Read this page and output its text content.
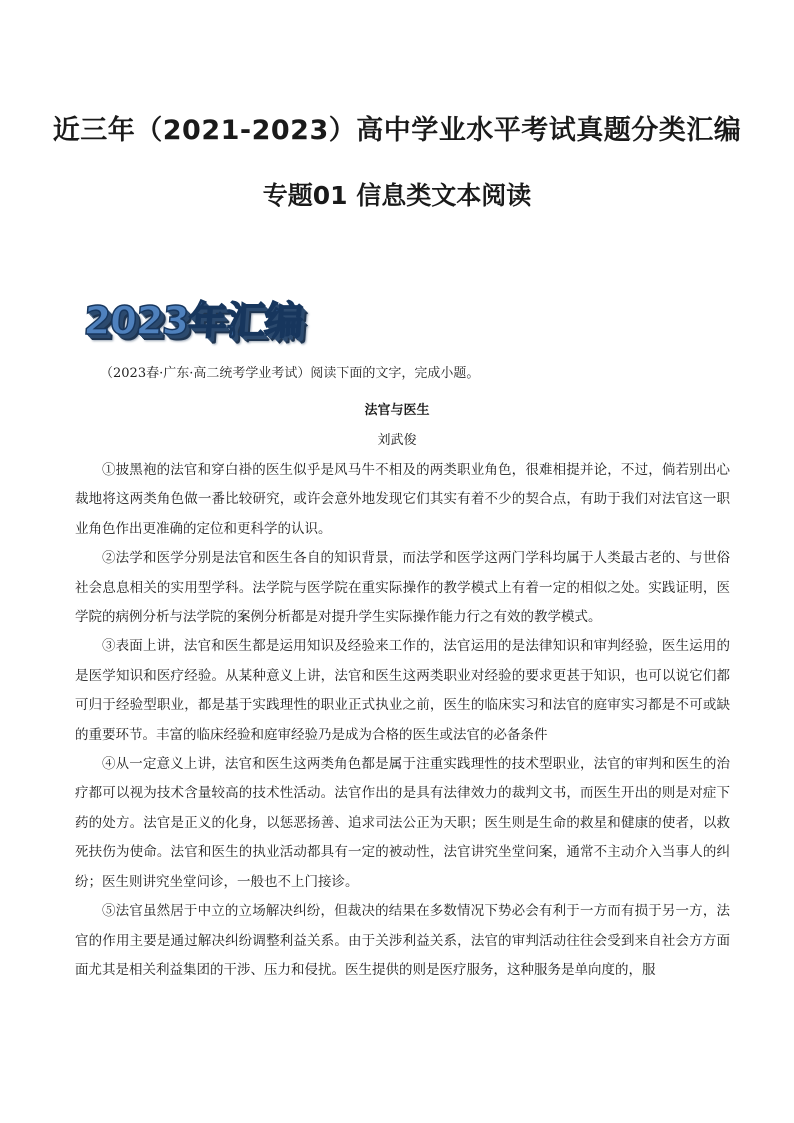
近三年（2021-2023）高中学业水平考试真题分类汇编
专题01 信息类文本阅读
2023年汇编
（2023春·广东·高二统考学业考试）阅读下面的文字，完成小题。
法官与医生
刘武俊

①披黑袍的法官和穿白褂的医生似乎是风马牛不相及的两类职业角色，很难相提并论，不过，倘若别出心裁地将这两类角色做一番比较研究，或许会意外地发现它们其实有着不少的契合点，有助于我们对法官这一职业角色作出更准确的定位和更科学的认识。

②法学和医学分别是法官和医生各自的知识背景，而法学和医学这两门学科均属于人类最古老的、与世俗社会息息相关的实用型学科。法学院与医学院在重实际操作的教学模式上有着一定的相似之处。实践证明，医学院的病例分析与法学院的案例分析都是对提升学生实际操作能力行之有效的教学模式。

③表面上讲，法官和医生都是运用知识及经验来工作的，法官运用的是法律知识和审判经验，医生运用的是医学知识和医疗经验。从某种意义上讲，法官和医生这两类职业对经验的要求更甚于知识，也可以说它们都可归于经验型职业，都是基于实践理性的职业正式执业之前，医生的临床实习和法官的庭审实习都是不可或缺的重要环节。丰富的临床经验和庭审经验乃是成为合格的医生或法官的必备条件

④从一定意义上讲，法官和医生这两类角色都是属于注重实践理性的技术型职业，法官的审判和医生的治疗都可以视为技术含量较高的技术性活动。法官作出的是具有法律效力的裁判文书，而医生开出的则是对症下药的处方。法官是正义的化身，以惩恶扬善、追求司法公正为天职；医生则是生命的救星和健康的使者，以救死扶伤为使命。法官和医生的执业活动都具有一定的被动性，法官讲究坐堂问案，通常不主动介入当事人的纠纷；医生则讲究坐堂问诊，一般也不上门接诊。

⑤法官虽然居于中立的立场解决纠纷，但裁决的结果在多数情况下势必会有利于一方而有损于另一方，法官的作用主要是通过解决纠纷调整利益关系。由于关涉利益关系，法官的审判活动往往会受到来自社会方方面面尤其是相关利益集团的干涉、压力和侵扰。医生提供的则是医疗服务，这种服务是单向度的，服
